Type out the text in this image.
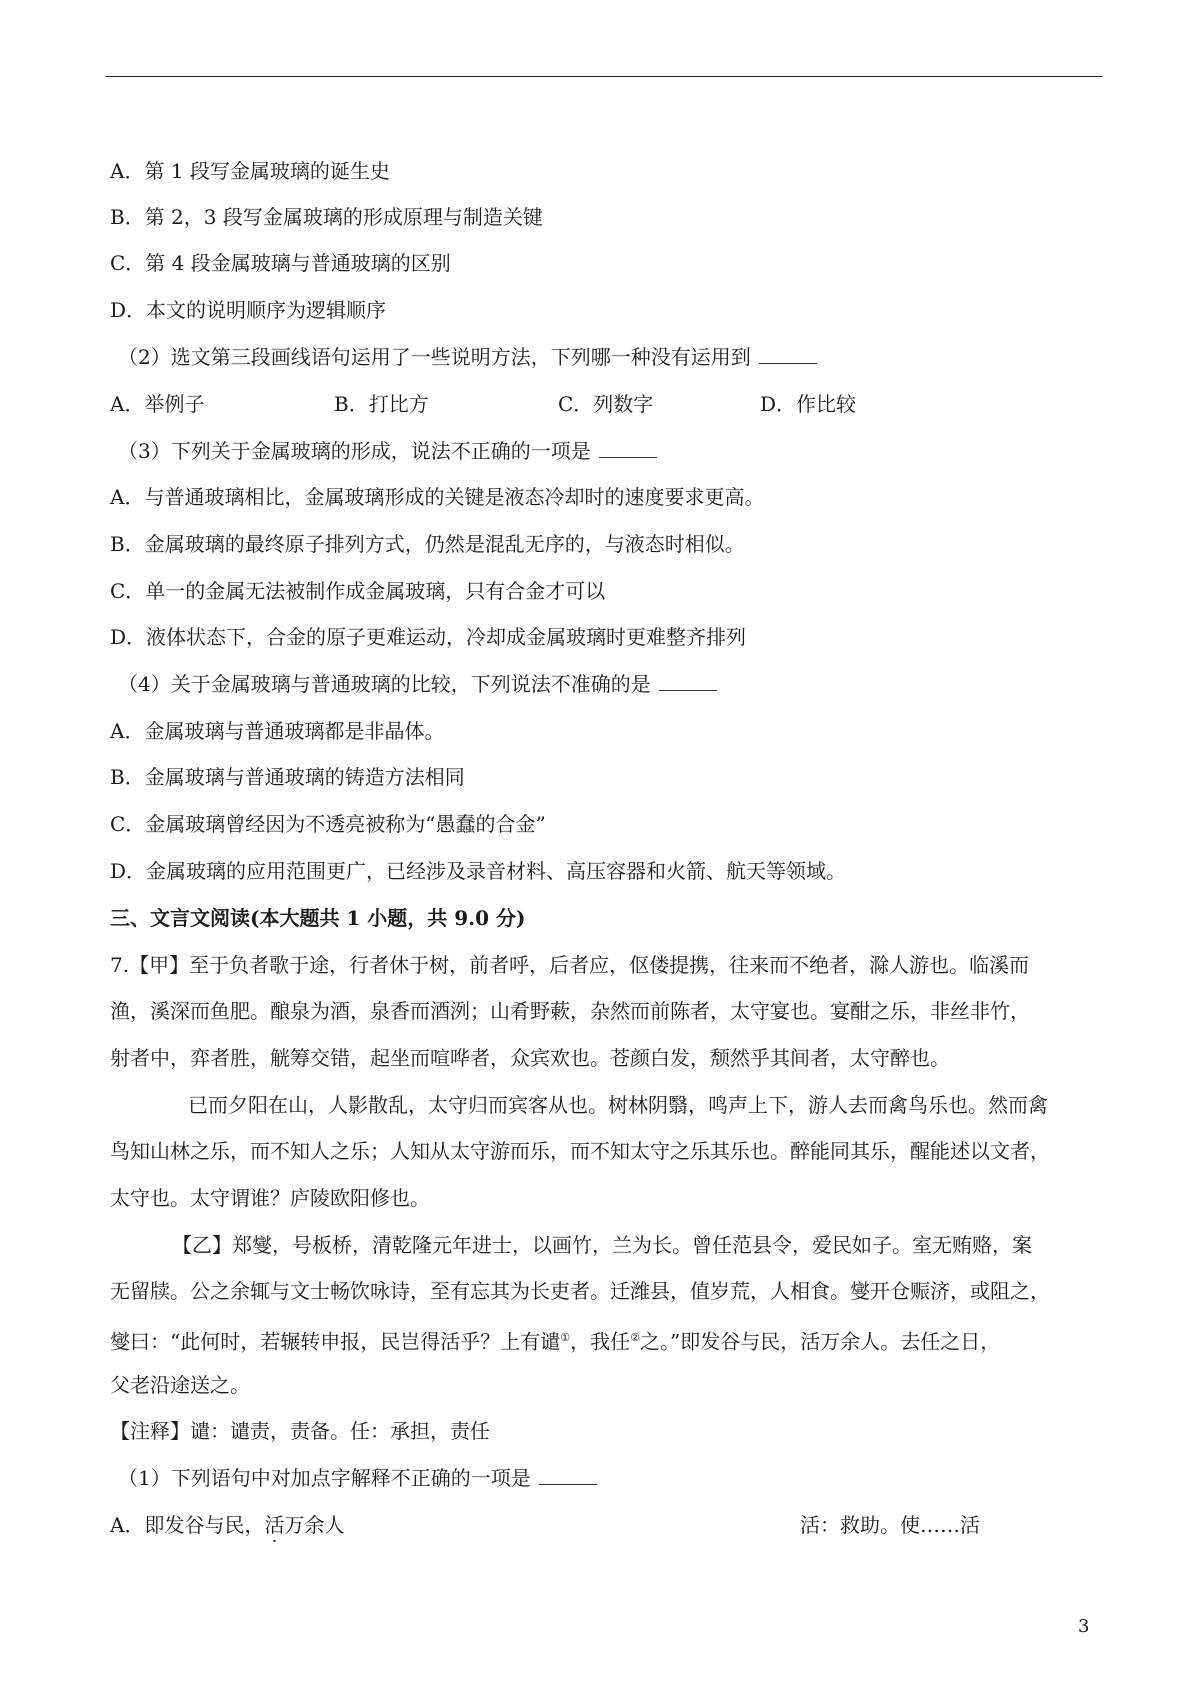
A．第 1 段写金属玻璃的诞生史
B．第 2，3 段写金属玻璃的形成原理与制造关键
C．第 4 段金属玻璃与普通玻璃的区别
D．本文的说明顺序为逻辑顺序
（2）选文第三段画线语句运用了一些说明方法，下列哪一种没有运用到
A．举例子	B．打比方	C．列数字	D．作比较
（3）下列关于金属玻璃的形成，说法不正确的一项是
A．与普通玻璃相比，金属玻璃形成的关键是液态冷却时的速度要求更高。
B．金属玻璃的最终原子排列方式，仍然是混乱无序的，与液态时相似。
C．单一的金属无法被制作成金属玻璃，只有合金才可以
D．液体状态下，合金的原子更难运动，冷却成金属玻璃时更难整齐排列
（4）关于金属玻璃与普通玻璃的比较，下列说法不准确的是
A．金属玻璃与普通玻璃都是非晶体。
B．金属玻璃与普通玻璃的铸造方法相同
C．金属玻璃曾经因为不透亮被称为“愚蠢的合金”
D．金属玻璃的应用范围更广，已经涉及录音材料、高压容器和火箭、航天等领域。
三、文言文阅读(本大题共 1 小题，共 9.0 分)
7.【甲】至于负者歌于途，行者休于树，前者呼，后者应，伛偻提携，往来而不绝者，滁人游也。临溪而
渔，溪深而鱼肥。酿泉为酒，泉香而酒洌；山肴野蔌，杂然而前陈者，太守宴也。宴酣之乐，非丝非竹，
射者中，弈者胜，觥筹交错，起坐而喧哗者，众宾欢也。苍颜白发，颓然乎其间者，太守醉也。
已而夕阳在山，人影散乱，太守归而宾客从也。树林阴翳，鸣声上下，游人去而禽鸟乐也。然而禽
鸟知山林之乐，而不知人之乐；人知从太守游而乐，而不知太守之乐其乐也。醉能同其乐，醒能述以文者，
太守也。太守谓谁？庐陵欧阳修也。
【乙】郑燮，号板桥，清乾隆元年进士，以画竹，兰为长。曾任范县令，爱民如子。室无贿赂，案
无留牍。公之余辄与文士畅饮咏诗，至有忘其为长吏者。迁潍县，值岁荒，人相食。燮开仓赈济，或阻之，
燮曰：“此何时，若辗转申报，民岂得活乎？上有谴①，我任②之。”即发谷与民，活万余人。去任之日，
父老沿途送之。
【注释】谴：谴责，责备。任：承担，责任
（1）下列语句中对加点字解释不正确的一项是
A．即发谷与民，活万余人	活：救助。使……活
3
